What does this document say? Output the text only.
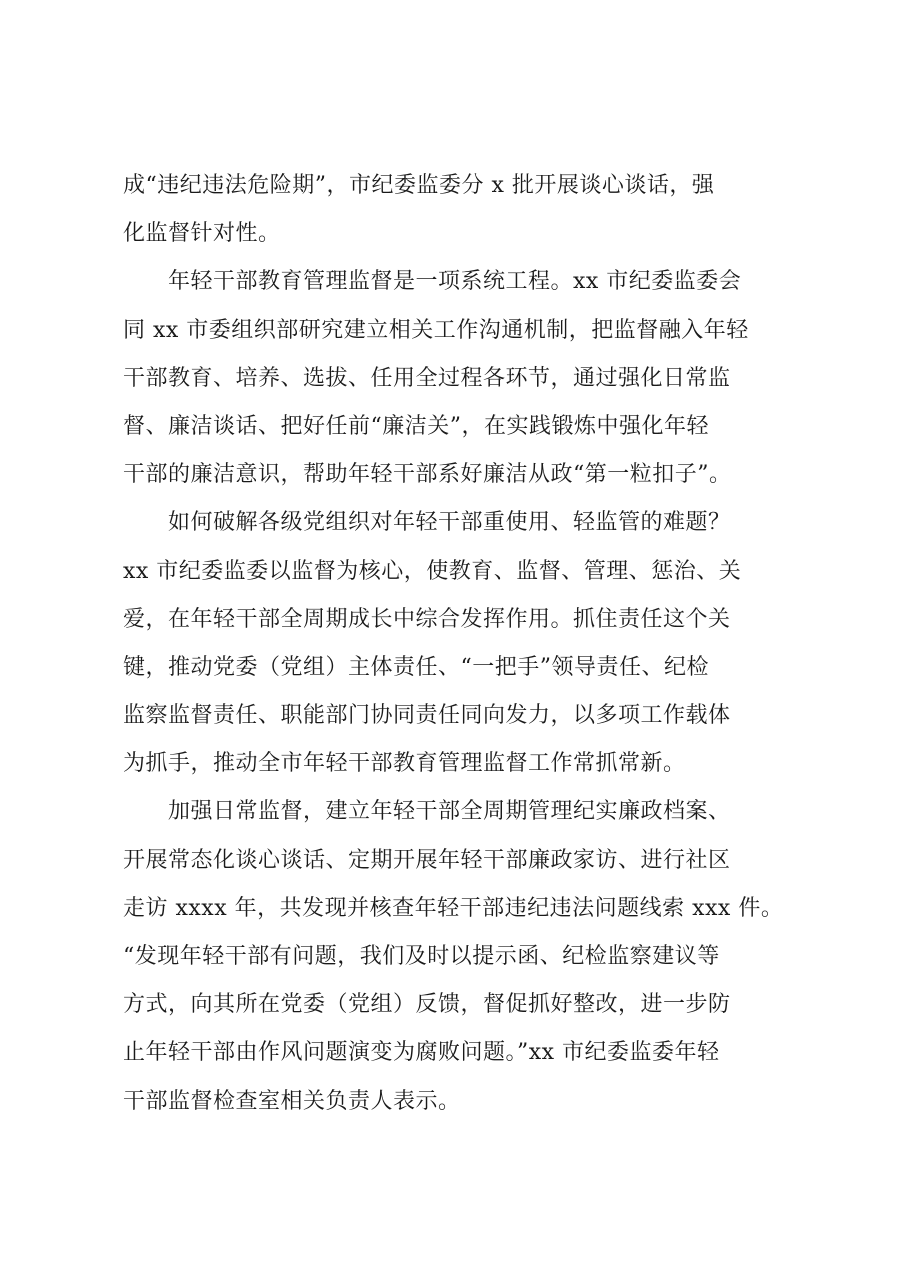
成“违纪违法危险期”，市纪委监委分 x 批开展谈心谈话，强
化监督针对性。
年轻干部教育管理监督是一项系统工程。xx 市纪委监委会
同 xx 市委组织部研究建立相关工作沟通机制，把监督融入年轻
干部教育、培养、选拔、任用全过程各环节，通过强化日常监
督、廉洁谈话、把好任前“廉洁关”，在实践锻炼中强化年轻
干部的廉洁意识，帮助年轻干部系好廉洁从政“第一粒扣子”。
如何破解各级党组织对年轻干部重使用、轻监管的难题？
xx 市纪委监委以监督为核心，使教育、监督、管理、惩治、关
爱，在年轻干部全周期成长中综合发挥作用。抓住责任这个关
键，推动党委（党组）主体责任、“一把手”领导责任、纪检
监察监督责任、职能部门协同责任同向发力，以多项工作载体
为抓手，推动全市年轻干部教育管理监督工作常抓常新。
加强日常监督，建立年轻干部全周期管理纪实廉政档案、
开展常态化谈心谈话、定期开展年轻干部廉政家访、进行社区
走访 xxxx 年，共发现并核查年轻干部违纪违法问题线索 xxx 件。
“发现年轻干部有问题，我们及时以提示函、纪检监察建议等
方式，向其所在党委（党组）反馈，督促抓好整改，进一步防
止年轻干部由作风问题演变为腐败问题。”xx 市纪委监委年轻
干部监督检查室相关负责人表示。
